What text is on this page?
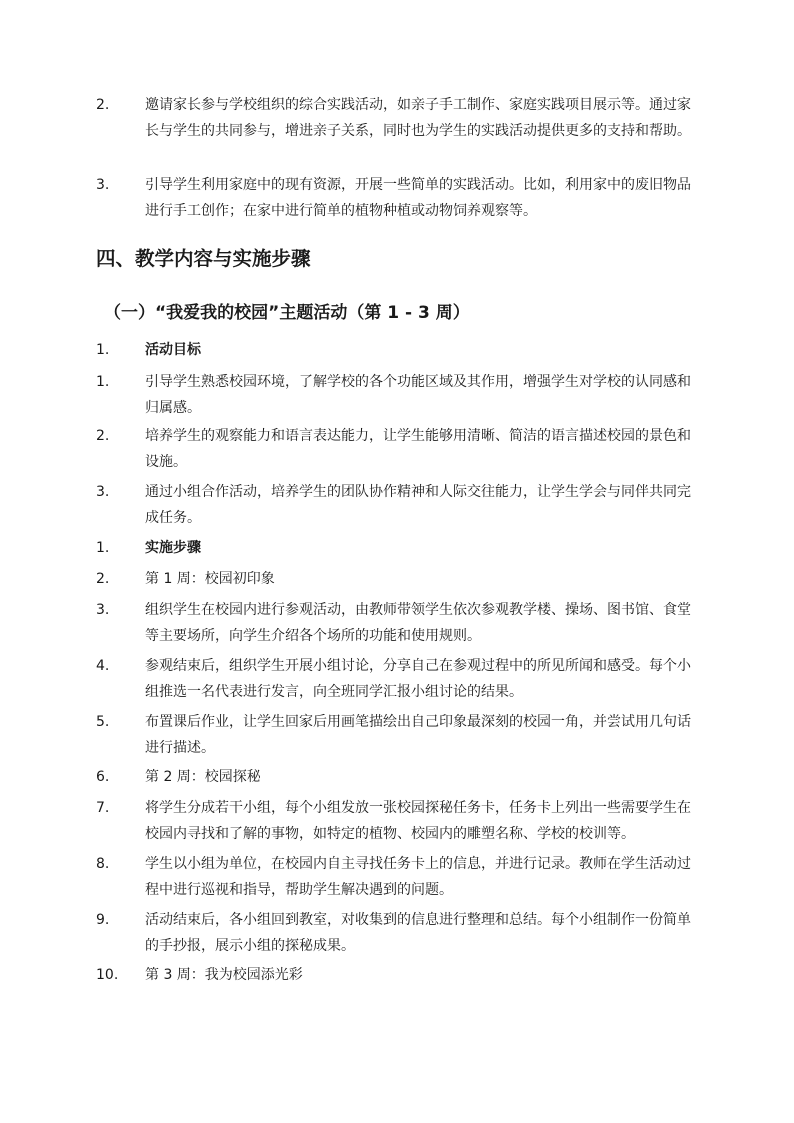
2.	邀请家长参与学校组织的综合实践活动，如亲子手工制作、家庭实践项目展示等。通过家长与学生的共同参与，增进亲子关系，同时也为学生的实践活动提供更多的支持和帮助。
3.	引导学生利用家庭中的现有资源，开展一些简单的实践活动。比如，利用家中的废旧物品进行手工创作；在家中进行简单的植物种植或动物饲养观察等。
四、教学内容与实施步骤
（一）“我爱我的校园”主题活动（第 1 - 3 周）
1.	活动目标
1.	引导学生熟悉校园环境，了解学校的各个功能区域及其作用，增强学生对学校的认同感和归属感。
2.	培养学生的观察能力和语言表达能力，让学生能够用清晰、简洁的语言描述校园的景色和设施。
3.	通过小组合作活动，培养学生的团队协作精神和人际交往能力，让学生学会与同伴共同完成任务。
1.	实施步骤
2.	第 1 周：校园初印象
3.	组织学生在校园内进行参观活动，由教师带领学生依次参观教学楼、操场、图书馆、食堂等主要场所，向学生介绍各个场所的功能和使用规则。
4.	参观结束后，组织学生开展小组讨论，分享自己在参观过程中的所见所闻和感受。每个小组推选一名代表进行发言，向全班同学汇报小组讨论的结果。
5.	布置课后作业，让学生回家后用画笔描绘出自己印象最深刻的校园一角，并尝试用几句话进行描述。
6.	第 2 周：校园探秘
7.	将学生分成若干小组，每个小组发放一张校园探秘任务卡，任务卡上列出一些需要学生在校园内寻找和了解的事物，如特定的植物、校园内的雕塑名称、学校的校训等。
8.	学生以小组为单位，在校园内自主寻找任务卡上的信息，并进行记录。教师在学生活动过程中进行巡视和指导，帮助学生解决遇到的问题。
9.	活动结束后，各小组回到教室，对收集到的信息进行整理和总结。每个小组制作一份简单的手抄报，展示小组的探秘成果。
10.	第 3 周：我为校园添光彩
